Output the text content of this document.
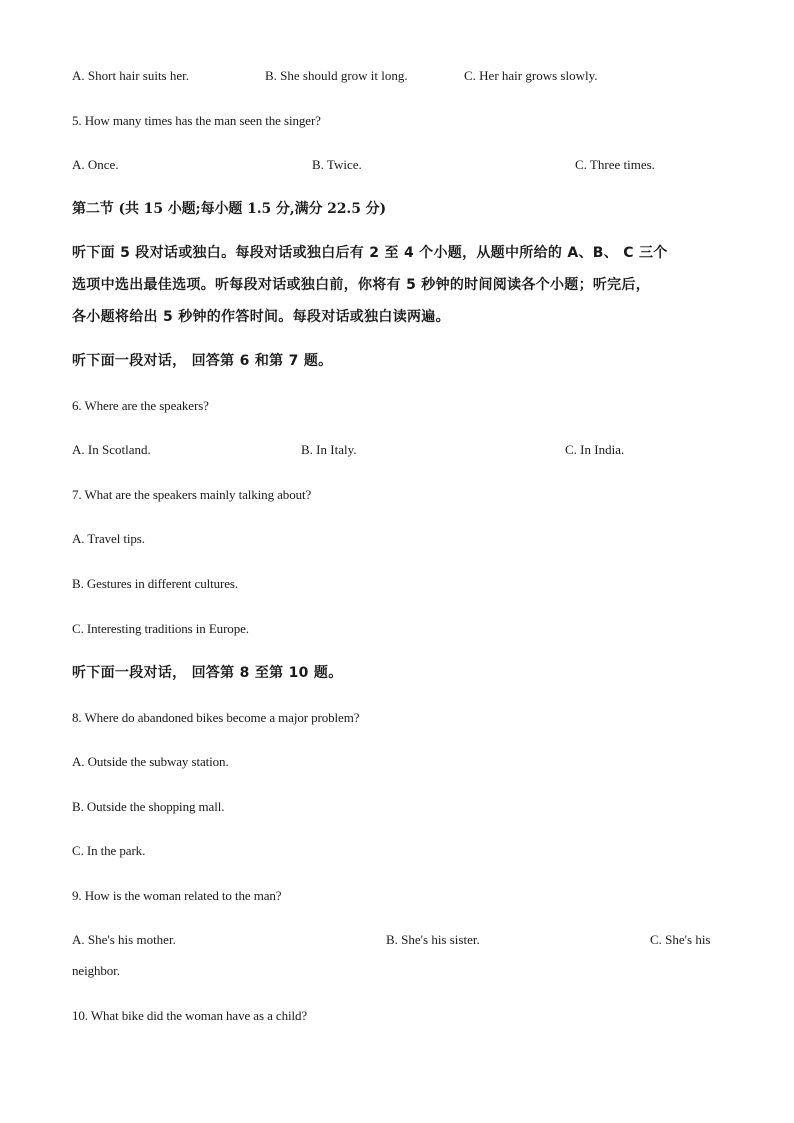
A. Short hair suits her.	B. She should grow it long.	C. Her hair grows slowly.
5. How many times has the man seen the singer?
A. Once.	B. Twice.	C. Three times.
第二节 (共 15 小题;每小题 1.5 分,满分 22.5 分)
听下面 5 段对话或独白。每段对话或独白后有 2 至 4 个小题，从题中所给的 A、B、 C 三个
选项中选出最佳选项。听每段对话或独白前，你将有 5 秒钟的时间阅读各个小题；听完后，
各小题将给出 5 秒钟的作答时间。每段对话或独白读两遍。
听下面一段对话， 回答第 6 和第 7 题。
6. Where are the speakers?
A. In Scotland.	B. In Italy.	C. In India.
7. What are the speakers mainly talking about?
A. Travel tips.
B. Gestures in different cultures.
C. Interesting traditions in Europe.
听下面一段对话， 回答第 8 至第 10 题。
8. Where do abandoned bikes become a major problem?
A. Outside the subway station.
B. Outside the shopping mall.
C. In the park.
9. How is the woman related to the man?
A. She's his mother.	B. She's his sister.	C. She's his
neighbor.
10. What bike did the woman have as a child?
